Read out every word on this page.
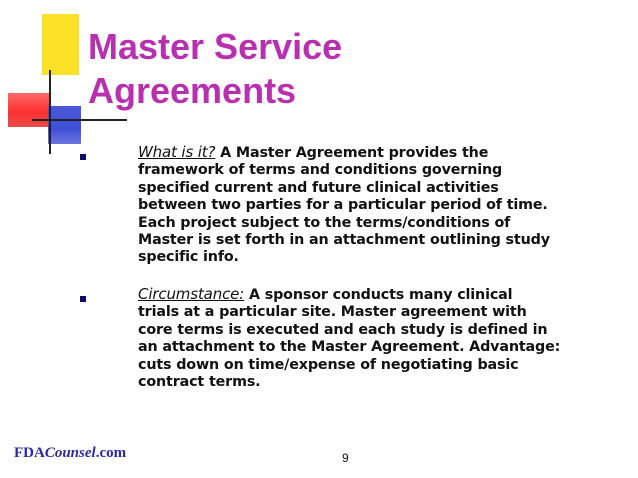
Master Service
Agreements

What is it? A Master Agreement provides the
framework of terms and conditions governing
specified current and future clinical activities
between two parties for a particular period of time.
Each project subject to the terms/conditions of
Master is set forth in an attachment outlining study
specific info.

Circumstance: A sponsor conducts many clinical
trials at a particular site. Master agreement with
core terms is executed and each study is defined in
an attachment to the Master Agreement. Advantage:
cuts down on time/expense of negotiating basic
contract terms.

FDACounsel.com	9
